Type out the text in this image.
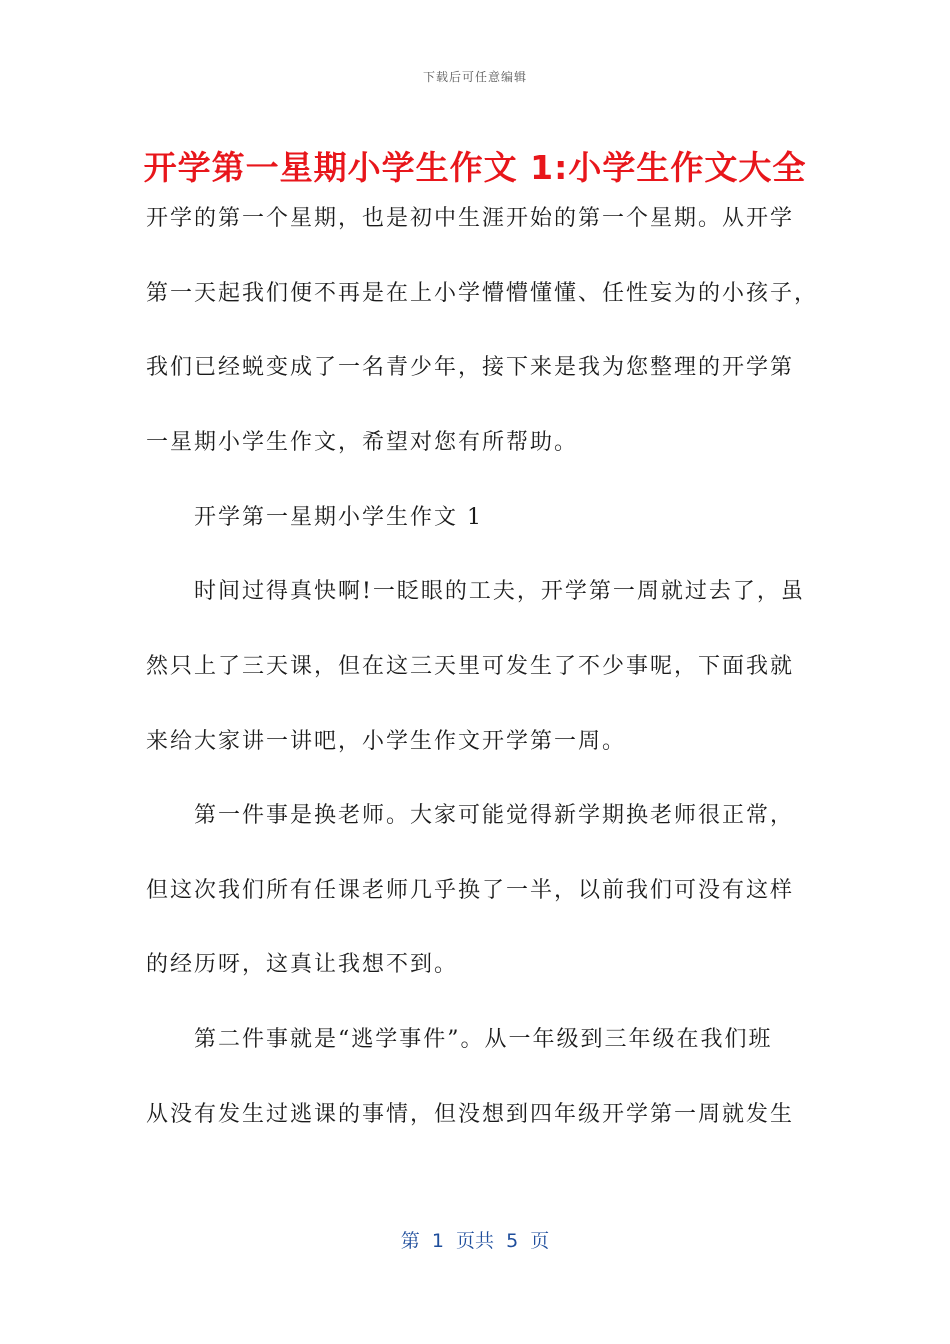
下载后可任意编辑
开学第一星期小学生作文 1:小学生作文大全
开学的第一个星期，也是初中生涯开始的第一个星期。从开学
第一天起我们便不再是在上小学懵懵懂懂、任性妄为的小孩子，
我们已经蜕变成了一名青少年，接下来是我为您整理的开学第
一星期小学生作文，希望对您有所帮助。
开学第一星期小学生作文 1
时间过得真快啊!一眨眼的工夫，开学第一周就过去了，虽
然只上了三天课，但在这三天里可发生了不少事呢，下面我就
来给大家讲一讲吧，小学生作文开学第一周。
第一件事是换老师。大家可能觉得新学期换老师很正常，
但这次我们所有任课老师几乎换了一半，以前我们可没有这样
的经历呀，这真让我想不到。
第二件事就是“逃学事件”。从一年级到三年级在我们班
从没有发生过逃课的事情，但没想到四年级开学第一周就发生
第  1  页共  5  页
